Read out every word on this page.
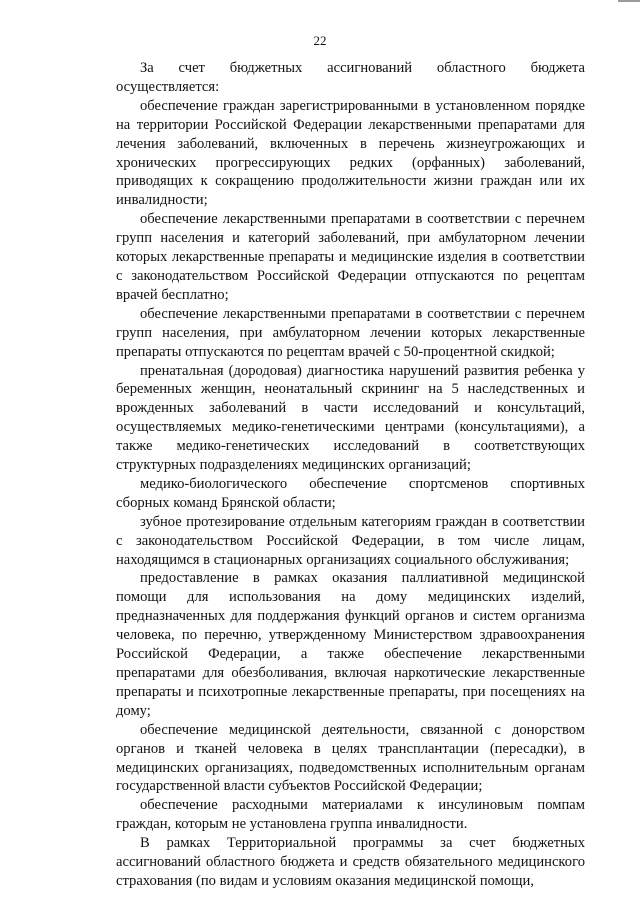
22

За счет бюджетных ассигнований областного бюджета осуществляется:

обеспечение граждан зарегистрированными в установленном порядке на территории Российской Федерации лекарственными препаратами для лечения заболеваний, включенных в перечень жизнеугрожающих и хронических прогрессирующих редких (орфанных) заболеваний, приводящих к сокращению продолжительности жизни граждан или их инвалидности;

обеспечение лекарственными препаратами в соответствии с перечнем групп населения и категорий заболеваний, при амбулаторном лечении которых лекарственные препараты и медицинские изделия в соответствии с законодательством Российской Федерации отпускаются по рецептам врачей бесплатно;

обеспечение лекарственными препаратами в соответствии с перечнем групп населения, при амбулаторном лечении которых лекарственные препараты отпускаются по рецептам врачей с 50-процентной скидкой;

пренатальная (дородовая) диагностика нарушений развития ребенка у беременных женщин, неонатальный скрининг на 5 наследственных и врожденных заболеваний в части исследований и консультаций, осуществляемых медико-генетическими центрами (консультациями), а также медико-генетических исследований в соответствующих структурных подразделениях медицинских организаций;

медико-биологического обеспечение спортсменов спортивных сборных команд Брянской области;

зубное протезирование отдельным категориям граждан в соответствии с законодательством Российской Федерации, в том числе лицам, находящимся в стационарных организациях социального обслуживания;

предоставление в рамках оказания паллиативной медицинской помощи для использования на дому медицинских изделий, предназначенных для поддержания функций органов и систем организма человека, по перечню, утвержденному Министерством здравоохранения Российской Федерации, а также обеспечение лекарственными препаратами для обезболивания, включая наркотические лекарственные препараты и психотропные лекарственные препараты, при посещениях на дому;

обеспечение медицинской деятельности, связанной с донорством органов и тканей человека в целях трансплантации (пересадки), в медицинских организациях, подведомственных исполнительным органам государственной власти субъектов Российской Федерации;

обеспечение расходными материалами к инсулиновым помпам граждан, которым не установлена группа инвалидности.

В рамках Территориальной программы за счет бюджетных ассигнований областного бюджета и средств обязательного медицинского страхования (по видам и условиям оказания медицинской помощи,
